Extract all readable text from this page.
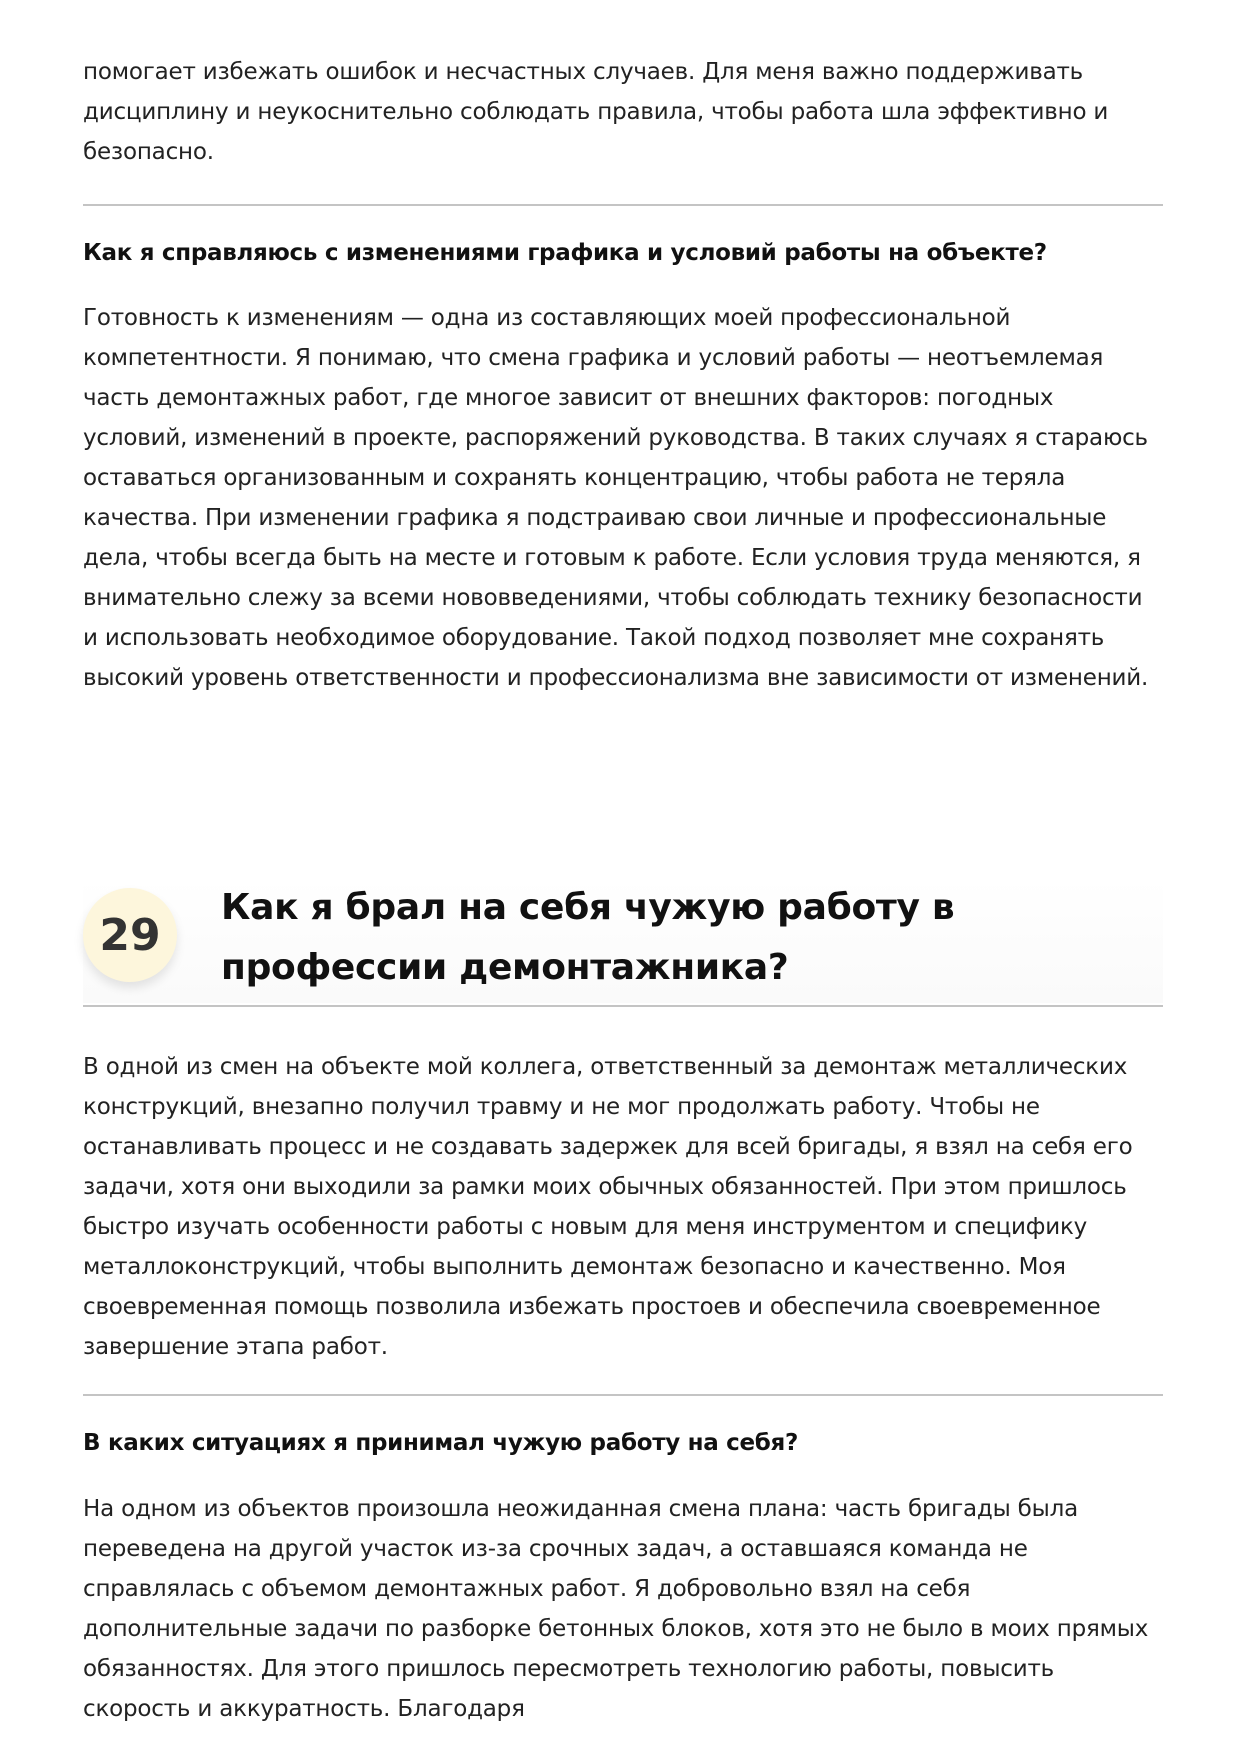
помогает избежать ошибок и несчастных случаев. Для меня важно поддерживать дисциплину и неукоснительно соблюдать правила, чтобы работа шла эффективно и безопасно.

Как я справляюсь с изменениями графика и условий работы на объекте?

Готовность к изменениям — одна из составляющих моей профессиональной компетентности. Я понимаю, что смена графика и условий работы — неотъемлемая часть демонтажных работ, где многое зависит от внешних факторов: погодных условий, изменений в проекте, распоряжений руководства. В таких случаях я стараюсь оставаться организованным и сохранять концентрацию, чтобы работа не теряла качества. При изменении графика я подстраиваю свои личные и профессиональные дела, чтобы всегда быть на месте и готовым к работе. Если условия труда меняются, я внимательно слежу за всеми нововведениями, чтобы соблюдать технику безопасности и использовать необходимое оборудование. Такой подход позволяет мне сохранять высокий уровень ответственности и профессионализма вне зависимости от изменений.

29
Как я брал на себя чужую работу в профессии демонтажника?

В одной из смен на объекте мой коллега, ответственный за демонтаж металлических конструкций, внезапно получил травму и не мог продолжать работу. Чтобы не останавливать процесс и не создавать задержек для всей бригады, я взял на себя его задачи, хотя они выходили за рамки моих обычных обязанностей. При этом пришлось быстро изучать особенности работы с новым для меня инструментом и специфику металлоконструкций, чтобы выполнить демонтаж безопасно и качественно. Моя своевременная помощь позволила избежать простоев и обеспечила своевременное завершение этапа работ.

В каких ситуациях я принимал чужую работу на себя?

На одном из объектов произошла неожиданная смена плана: часть бригады была переведена на другой участок из-за срочных задач, а оставшаяся команда не справлялась с объемом демонтажных работ. Я добровольно взял на себя дополнительные задачи по разборке бетонных блоков, хотя это не было в моих прямых обязанностях. Для этого пришлось пересмотреть технологию работы, повысить скорость и аккуратность. Благодаря
